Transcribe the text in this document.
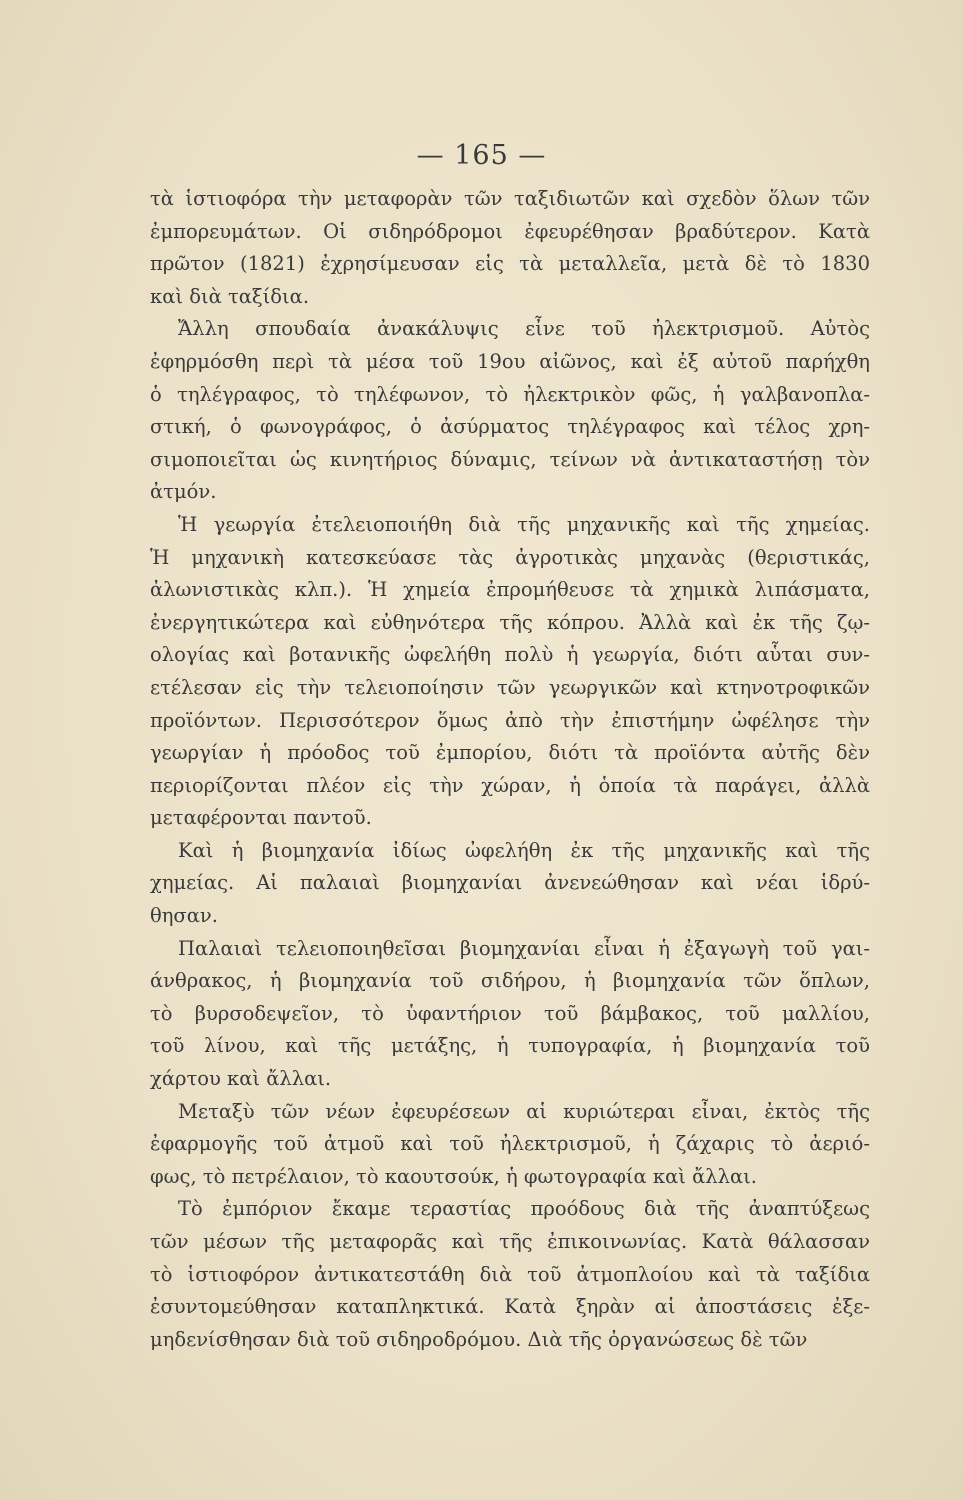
— 165 —
τὰ ἱστιοφόρα τὴν μεταφορὰν τῶν ταξιδιωτῶν καὶ σχεδὸν ὅλων τῶν
ἐμπορευμάτων. Οἱ σιδηρόδρομοι ἐφευρέθησαν βραδύτερον. Κατὰ
πρῶτον (1821) ἐχρησίμευσαν εἰς τὰ μεταλλεῖα, μετὰ δὲ τὸ 1830
καὶ διὰ ταξίδια.
Ἄλλη σπουδαία ἀνακάλυψις εἶνε τοῦ ἠλεκτρισμοῦ. Αὐτὸς
ἐφηρμόσθη περὶ τὰ μέσα τοῦ 19ου αἰῶνος, καὶ ἐξ αὐτοῦ παρήχθη
ὁ τηλέγραφος, τὸ τηλέφωνον, τὸ ἠλεκτρικὸν φῶς, ἡ γαλβανοπλα-
στική, ὁ φωνογράφος, ὁ ἀσύρματος τηλέγραφος καὶ τέλος χρη-
σιμοποιεῖται ὡς κινητήριος δύναμις, τείνων νὰ ἀντικαταστήσῃ τὸν
ἀτμόν.
Ἡ γεωργία ἐτελειοποιήθη διὰ τῆς μηχανικῆς καὶ τῆς χημείας.
Ἡ μηχανικὴ κατεσκεύασε τὰς ἀγροτικὰς μηχανὰς (θεριστικάς,
ἀλωνιστικὰς κλπ.). Ἡ χημεία ἐπρομήθευσε τὰ χημικὰ λιπάσματα,
ἐνεργητικώτερα καὶ εὐθηνότερα τῆς κόπρου. Ἀλλὰ καὶ ἐκ τῆς ζῳ-
ολογίας καὶ βοτανικῆς ὠφελήθη πολὺ ἡ γεωργία, διότι αὗται συν-
ετέλεσαν εἰς τὴν τελειοποίησιν τῶν γεωργικῶν καὶ κτηνοτροφικῶν
προϊόντων. Περισσότερον ὅμως ἀπὸ τὴν ἐπιστήμην ὠφέλησε τὴν
γεωργίαν ἡ πρόοδος τοῦ ἐμπορίου, διότι τὰ προϊόντα αὐτῆς δὲν
περιορίζονται πλέον εἰς τὴν χώραν, ἡ ὁποία τὰ παράγει, ἀλλὰ
μεταφέρονται παντοῦ.
Καὶ ἡ βιομηχανία ἰδίως ὠφελήθη ἐκ τῆς μηχανικῆς καὶ τῆς
χημείας. Αἱ παλαιαὶ βιομηχανίαι ἀνενεώθησαν καὶ νέαι ἱδρύ-
θησαν.
Παλαιαὶ τελειοποιηθεῖσαι βιομηχανίαι εἶναι ἡ ἐξαγωγὴ τοῦ γαι-
άνθρακος, ἡ βιομηχανία τοῦ σιδήρου, ἡ βιομηχανία τῶν ὅπλων,
τὸ βυρσοδεψεῖον, τὸ ὑφαντήριον τοῦ βάμβακος, τοῦ μαλλίου,
τοῦ λίνου, καὶ τῆς μετάξης, ἡ τυπογραφία, ἡ βιομηχανία τοῦ
χάρτου καὶ ἄλλαι.
Μεταξὺ τῶν νέων ἐφευρέσεων αἱ κυριώτεραι εἶναι, ἐκτὸς τῆς
ἐφαρμογῆς τοῦ ἀτμοῦ καὶ τοῦ ἠλεκτρισμοῦ, ἡ ζάχαρις τὸ ἀεριό-
φως, τὸ πετρέλαιον, τὸ καουτσούκ, ἡ φωτογραφία καὶ ἄλλαι.
Τὸ ἐμπόριον ἔκαμε τεραστίας προόδους διὰ τῆς ἀναπτύξεως
τῶν μέσων τῆς μεταφορᾶς καὶ τῆς ἐπικοινωνίας. Κατὰ θάλασσαν
τὸ ἱστιοφόρον ἀντικατεστάθη διὰ τοῦ ἀτμοπλοίου καὶ τὰ ταξίδια
ἐσυντομεύθησαν καταπληκτικά. Κατὰ ξηρὰν αἱ ἀποστάσεις ἐξε-
μηδενίσθησαν διὰ τοῦ σιδηροδρόμου. Διὰ τῆς ὀργανώσεως δὲ τῶν
